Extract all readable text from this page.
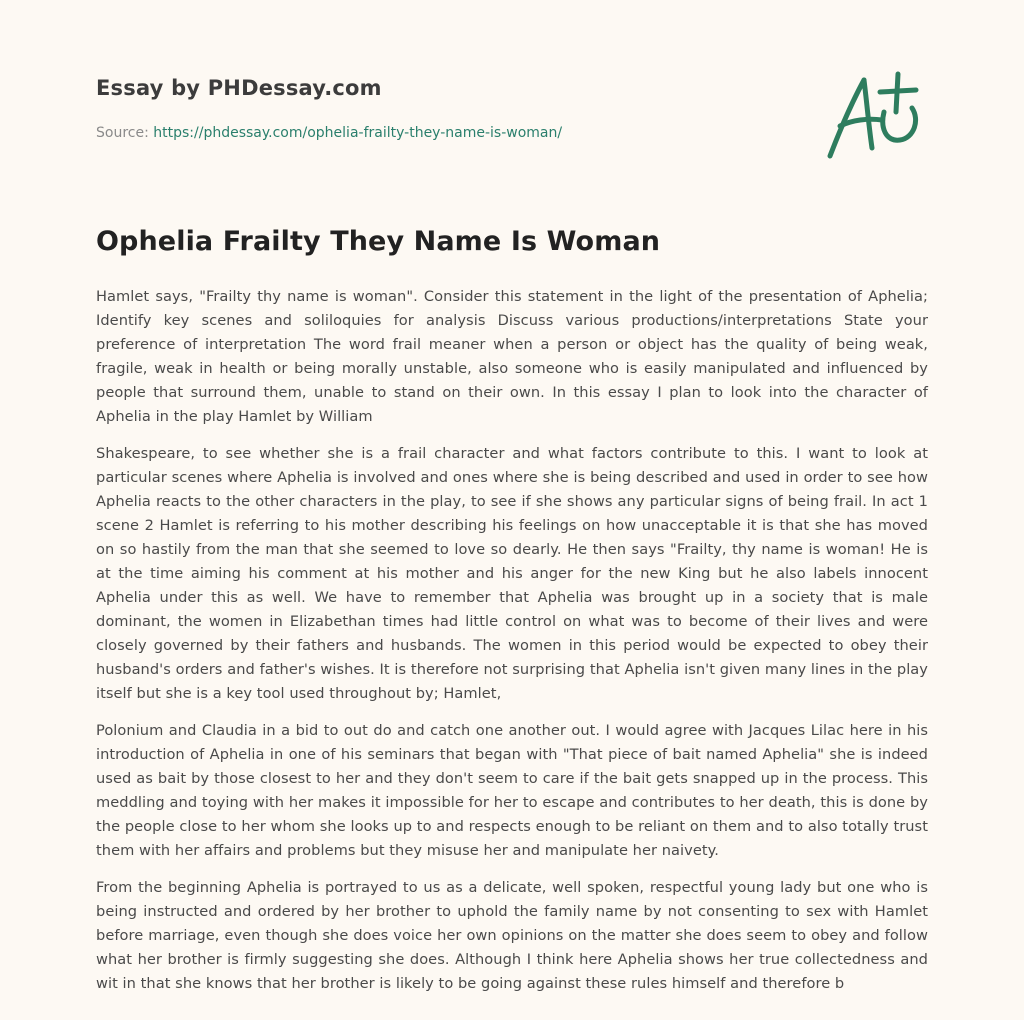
Essay by PHDessay.com
Source: https://phdessay.com/ophelia-frailty-they-name-is-woman/
Ophelia Frailty They Name Is Woman

Hamlet says, "Frailty thy name is woman". Consider this statement in the light of the presentation of Aphelia; Identify key scenes and soliloquies for analysis Discuss various productions/interpretations State your preference of interpretation The word frail meaner when a person or object has the quality of being weak, fragile, weak in health or being morally unstable, also someone who is easily manipulated and influenced by people that surround them, unable to stand on their own. In this essay I plan to look into the character of Aphelia in the play Hamlet by William

Shakespeare, to see whether she is a frail character and what factors contribute to this. I want to look at particular scenes where Aphelia is involved and ones where she is being described and used in order to see how Aphelia reacts to the other characters in the play, to see if she shows any particular signs of being frail. In act 1 scene 2 Hamlet is referring to his mother describing his feelings on how unacceptable it is that she has moved on so hastily from the man that she seemed to love so dearly. He then says "Frailty, thy name is woman! He is at the time aiming his comment at his mother and his anger for the new King but he also labels innocent Aphelia under this as well. We have to remember that Aphelia was brought up in a society that is male dominant, the women in Elizabethan times had little control on what was to become of their lives and were closely governed by their fathers and husbands. The women in this period would be expected to obey their husband's orders and father's wishes. It is therefore not surprising that Aphelia isn't given many lines in the play itself but she is a key tool used throughout by; Hamlet,

Polonium and Claudia in a bid to out do and catch one another out. I would agree with Jacques Lilac here in his introduction of Aphelia in one of his seminars that began with "That piece of bait named Aphelia" she is indeed used as bait by those closest to her and they don't seem to care if the bait gets snapped up in the process. This meddling and toying with her makes it impossible for her to escape and contributes to her death, this is done by the people close to her whom she looks up to and respects enough to be reliant on them and to also totally trust them with her affairs and problems but they misuse her and manipulate her naivety.

From the beginning Aphelia is portrayed to us as a delicate, well spoken, respectful young lady but one who is being instructed and ordered by her brother to uphold the family name by not consenting to sex with Hamlet before marriage, even though she does voice her own opinions on the matter she does seem to obey and follow what her brother is firmly suggesting she does. Although I think here Aphelia shows her true collectedness and wit in that she knows that her brother is likely to be going against these rules himself and therefore b
